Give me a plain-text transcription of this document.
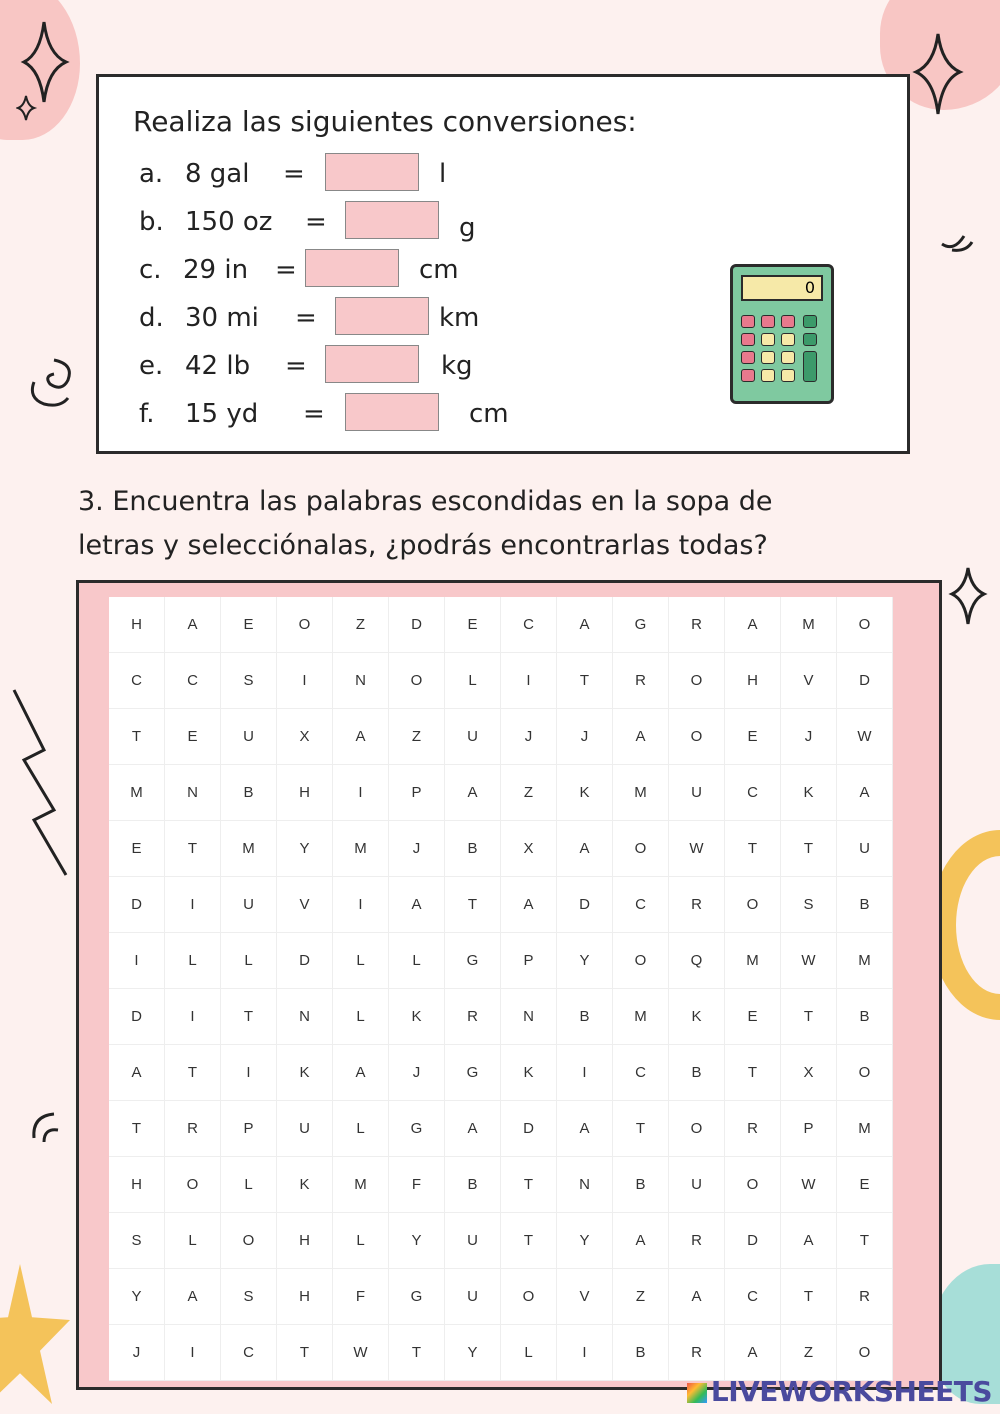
Realiza las siguientes conversiones:
a. 8 gal =	l
b. 150 oz =	g
c. 29 in =	cm
d. 30 mi =	km
e. 42 lb =	kg
f. 15 yd =	cm
0
3. Encuentra las palabras escondidas en la sopa de
letras y selecciónalas, ¿podrás encontrarlas todas?
H	A	E	O	Z	D	E	C	A	G	R	A	M	O
C	C	S	I	N	O	L	I	T	R	O	H	V	D
T	E	U	X	A	Z	U	J	J	A	O	E	J	W
M	N	B	H	I	P	A	Z	K	M	U	C	K	A
E	T	M	Y	M	J	B	X	A	O	W	T	T	U
D	I	U	V	I	A	T	A	D	C	R	O	S	B
I	L	L	D	L	L	G	P	Y	O	Q	M	W	M
D	I	T	N	L	K	R	N	B	M	K	E	T	B
A	T	I	K	A	J	G	K	I	C	B	T	X	O
T	R	P	U	L	G	A	D	A	T	O	R	P	M
H	O	L	K	M	F	B	T	N	B	U	O	W	E
S	L	O	H	L	Y	U	T	Y	A	R	D	A	T
Y	A	S	H	F	G	U	O	V	Z	A	C	T	R
J	I	C	T	W	T	Y	L	I	B	R	A	Z	O
LIVEWORKSHEETS
